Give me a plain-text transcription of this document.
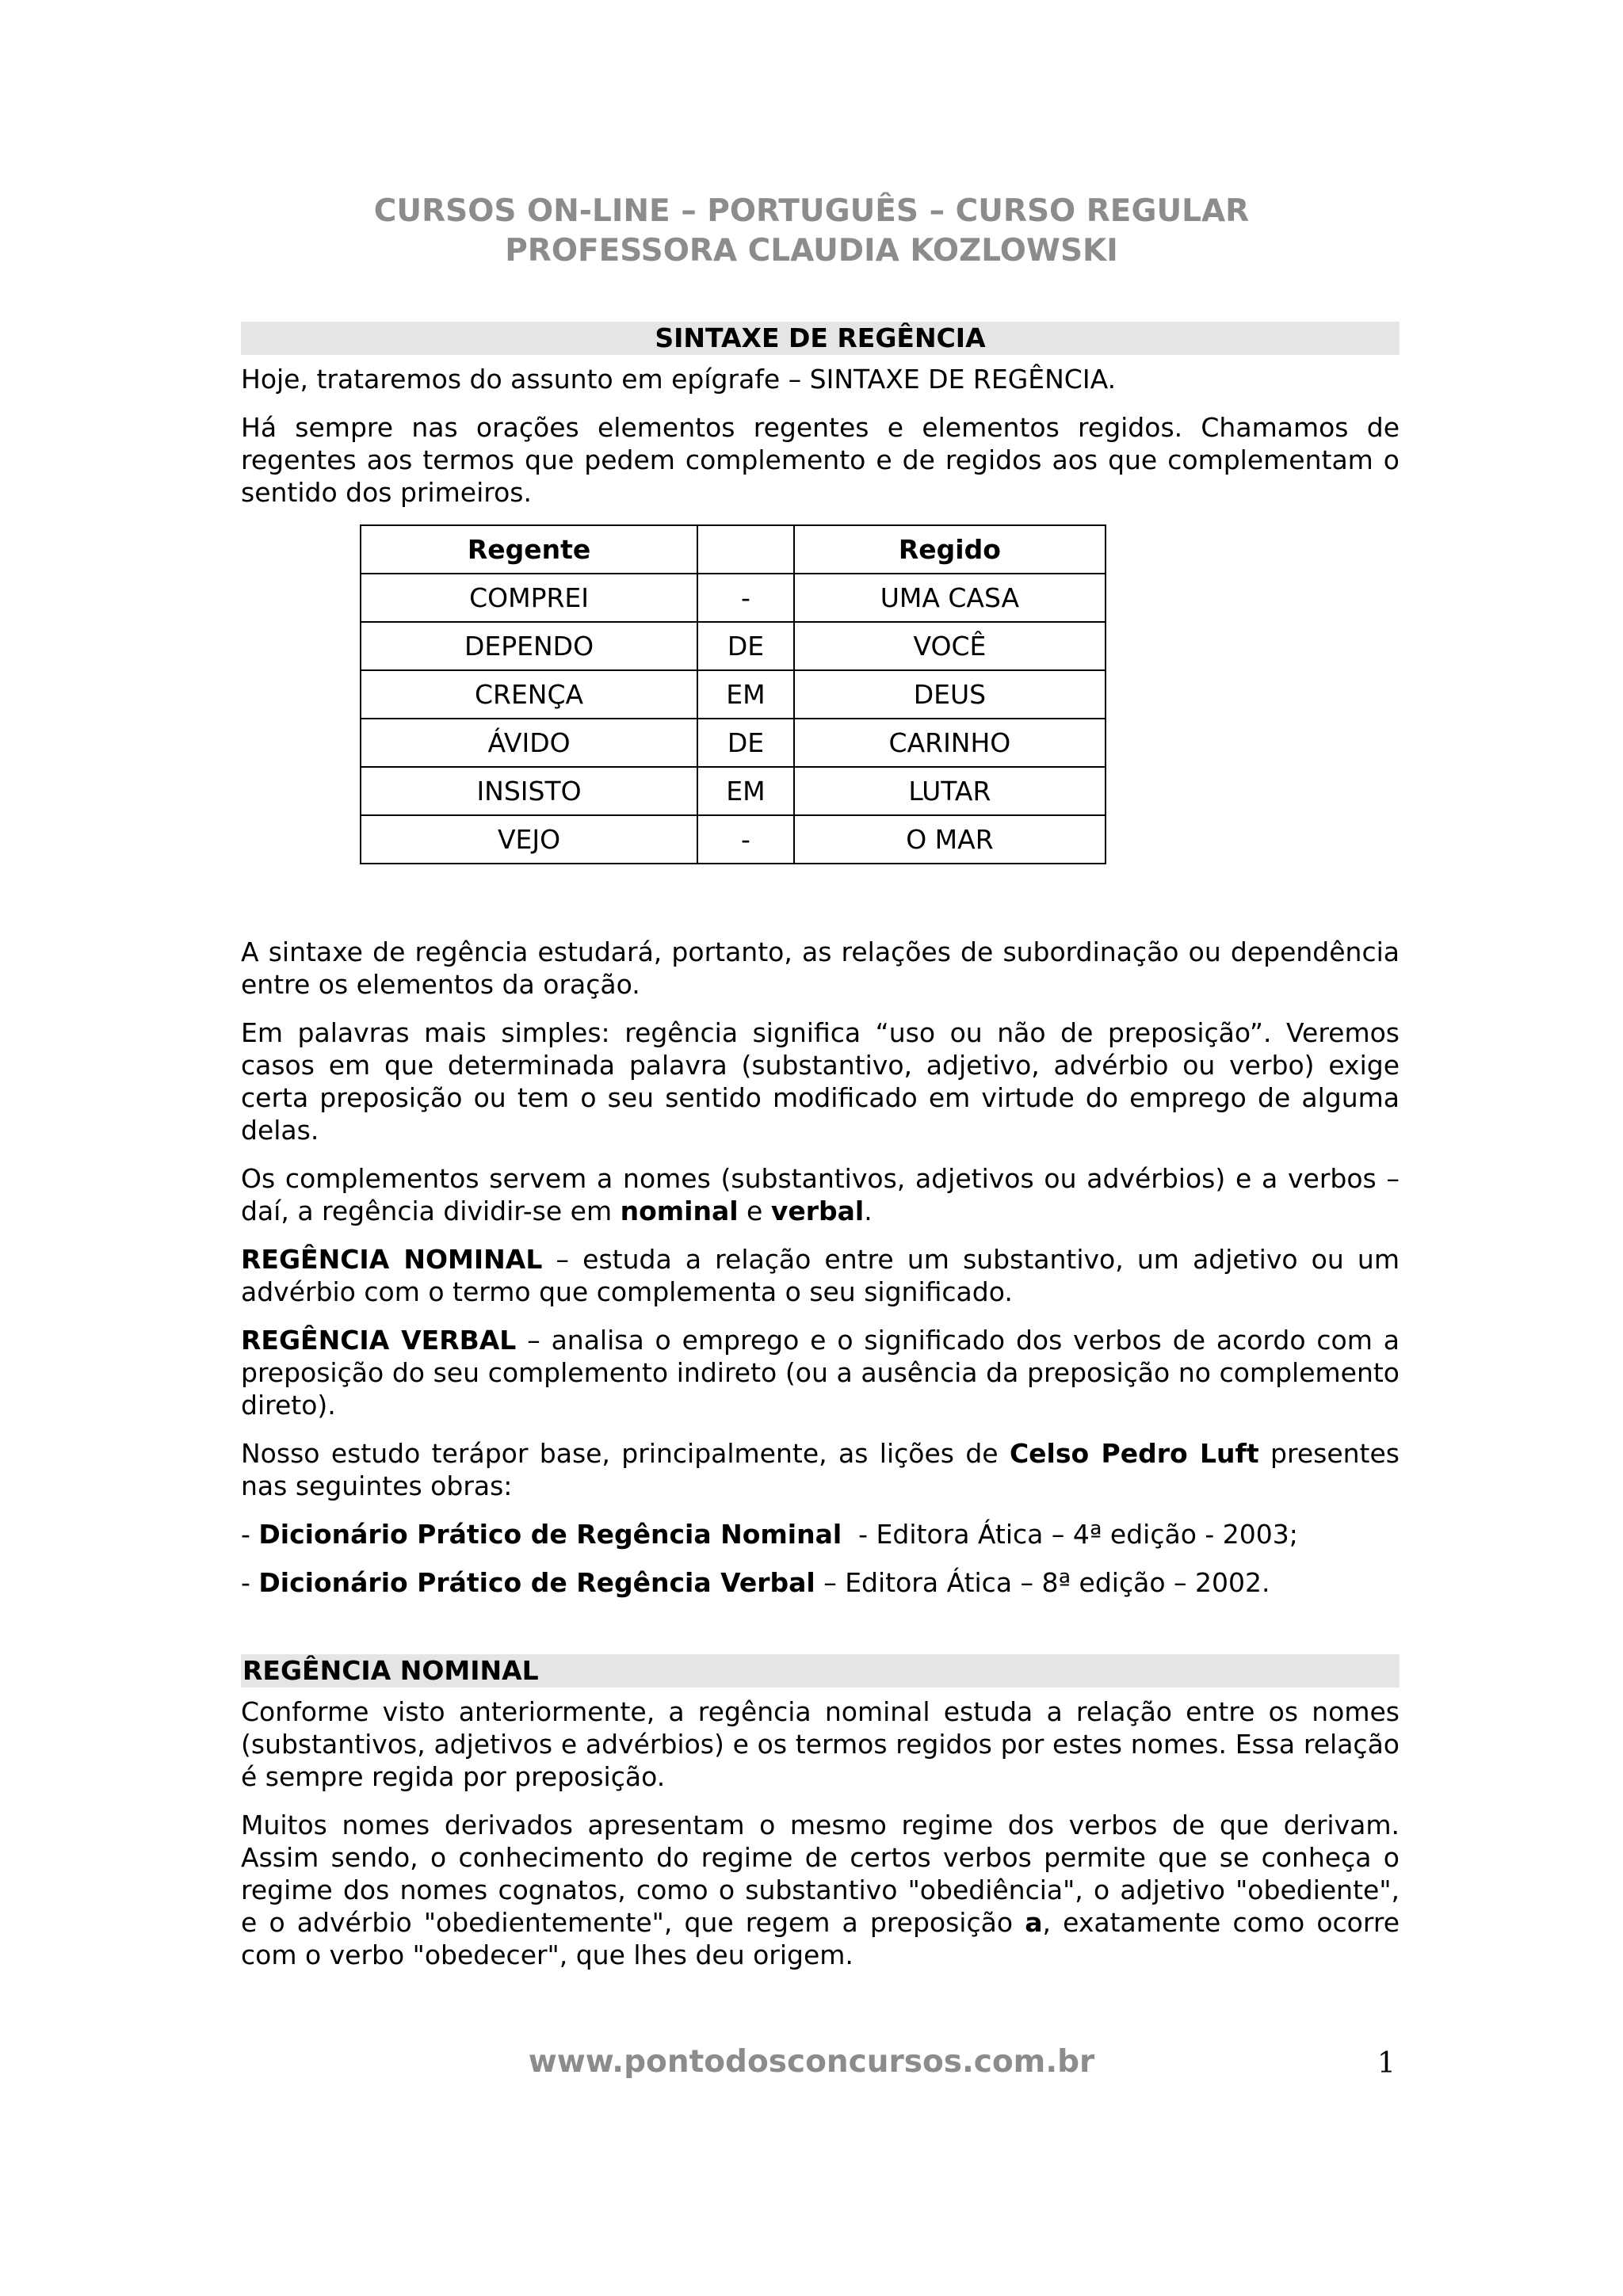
CURSOS ON-LINE – PORTUGUÊS – CURSO REGULAR
PROFESSORA CLAUDIA KOZLOWSKI
SINTAXE DE REGÊNCIA

Hoje, trataremos do assunto em epígrafe – SINTAXE DE REGÊNCIA.

Há sempre nas orações elementos regentes e elementos regidos. Chamamos de regentes aos termos que pedem complemento e de regidos aos que complementam o sentido dos primeiros.

Regente		Regido
COMPREI	-	UMA CASA
DEPENDO	DE	VOCÊ
CRENÇA	EM	DEUS
ÁVIDO	DE	CARINHO
INSISTO	EM	LUTAR
VEJO	-	O MAR

A sintaxe de regência estudará, portanto, as relações de subordinação ou dependência entre os elementos da oração.

Em palavras mais simples: regência significa “uso ou não de preposição”. Veremos casos em que determinada palavra (substantivo, adjetivo, advérbio ou verbo) exige certa preposição ou tem o seu sentido modificado em virtude do emprego de alguma delas.

Os complementos servem a nomes (substantivos, adjetivos ou advérbios) e a verbos – daí, a regência dividir-se em nominal e verbal.

REGÊNCIA NOMINAL – estuda a relação entre um substantivo, um adjetivo ou um advérbio com o termo que complementa o seu significado.

REGÊNCIA VERBAL – analisa o emprego e o significado dos verbos de acordo com a preposição do seu complemento indireto (ou a ausência da preposição no complemento direto).

Nosso estudo terápor base, principalmente, as lições de Celso Pedro Luft presentes nas seguintes obras:

- Dicionário Prático de Regência Nominal  - Editora Ática – 4ª edição - 2003;

- Dicionário Prático de Regência Verbal – Editora Ática – 8ª edição – 2002.

REGÊNCIA NOMINAL

Conforme visto anteriormente, a regência nominal estuda a relação entre os nomes (substantivos, adjetivos e advérbios) e os termos regidos por estes nomes. Essa relação é sempre regida por preposição.

Muitos nomes derivados apresentam o mesmo regime dos verbos de que derivam. Assim sendo, o conhecimento do regime de certos verbos permite que se conheça o regime dos nomes cognatos, como o substantivo "obediência", o adjetivo "obediente", e o advérbio "obedientemente", que regem a preposição a, exatamente como ocorre com o verbo "obedecer", que lhes deu origem.

www.pontodosconcursos.com.br	1
